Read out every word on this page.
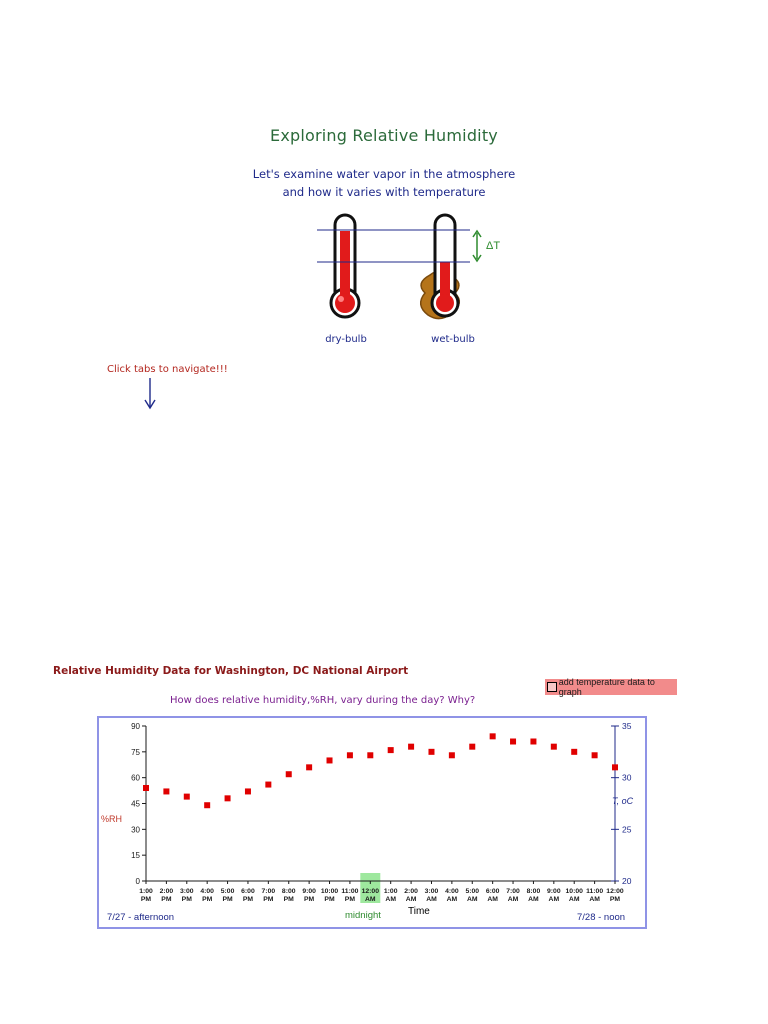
Exploring Relative Humidity
Let's examine water vapor in the atmosphere
and how it varies with temperature
ΔT
dry-bulb	wet-bulb
Click tabs to navigate!!!
Relative Humidity Data for Washington, DC National Airport
How does relative humidity,%RH, vary during the day? Why?
add temperature data to graph
0
15
30
45
60
75
90
20
25
30
35
1:00
PM
2:00
PM
3:00
PM
4:00
PM
5:00
PM
6:00
PM
7:00
PM
8:00
PM
9:00
PM
10:00
PM
11:00
PM
12:00
AM
1:00
AM
2:00
AM
3:00
AM
4:00
AM
5:00
AM
6:00
AM
7:00
AM
8:00
AM
9:00
AM
10:00
AM
11:00
AM
12:00
PM
%RH
T, oC
Time
7/27 - afternoon	midnight	7/28 - noon
